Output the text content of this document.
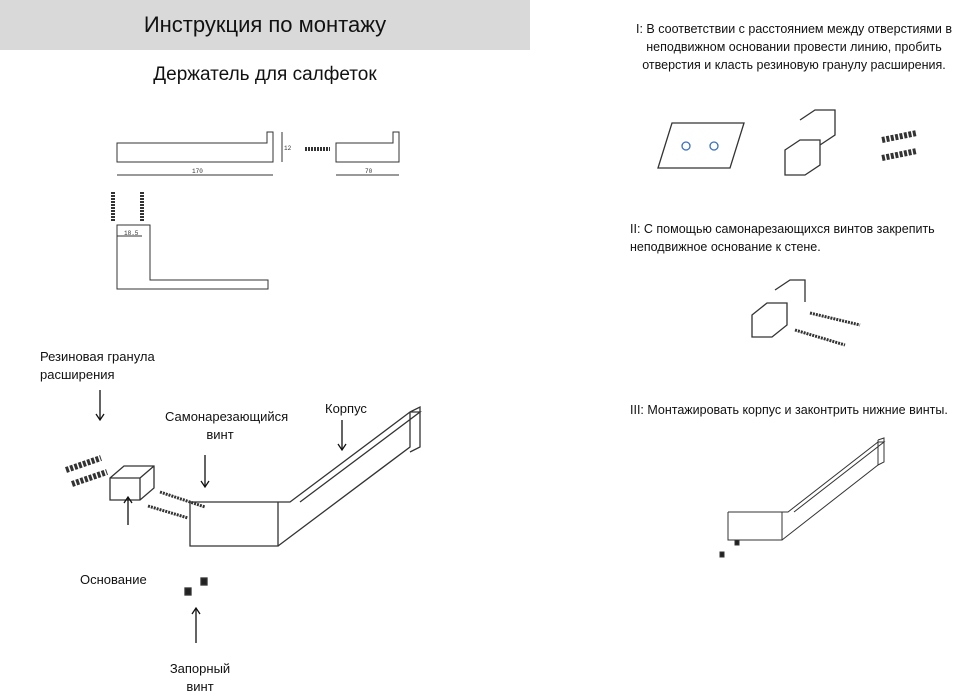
Инструкция по монтажу
Держатель для салфеток
170
12
70
18.5
Резиновая гранула расширения
Самонарезающийся винт
Корпус
Основание
Запорный винт
I: В соответствии с расстоянием между отверстиями в неподвижном основании провести линию, пробить отверстия и класть резиновую гранулу расширения.
II: С помощью самонарезающихся винтов закрепить неподвижное основание к стене.
III: Монтажировать корпус и законтрить нижние винты.
